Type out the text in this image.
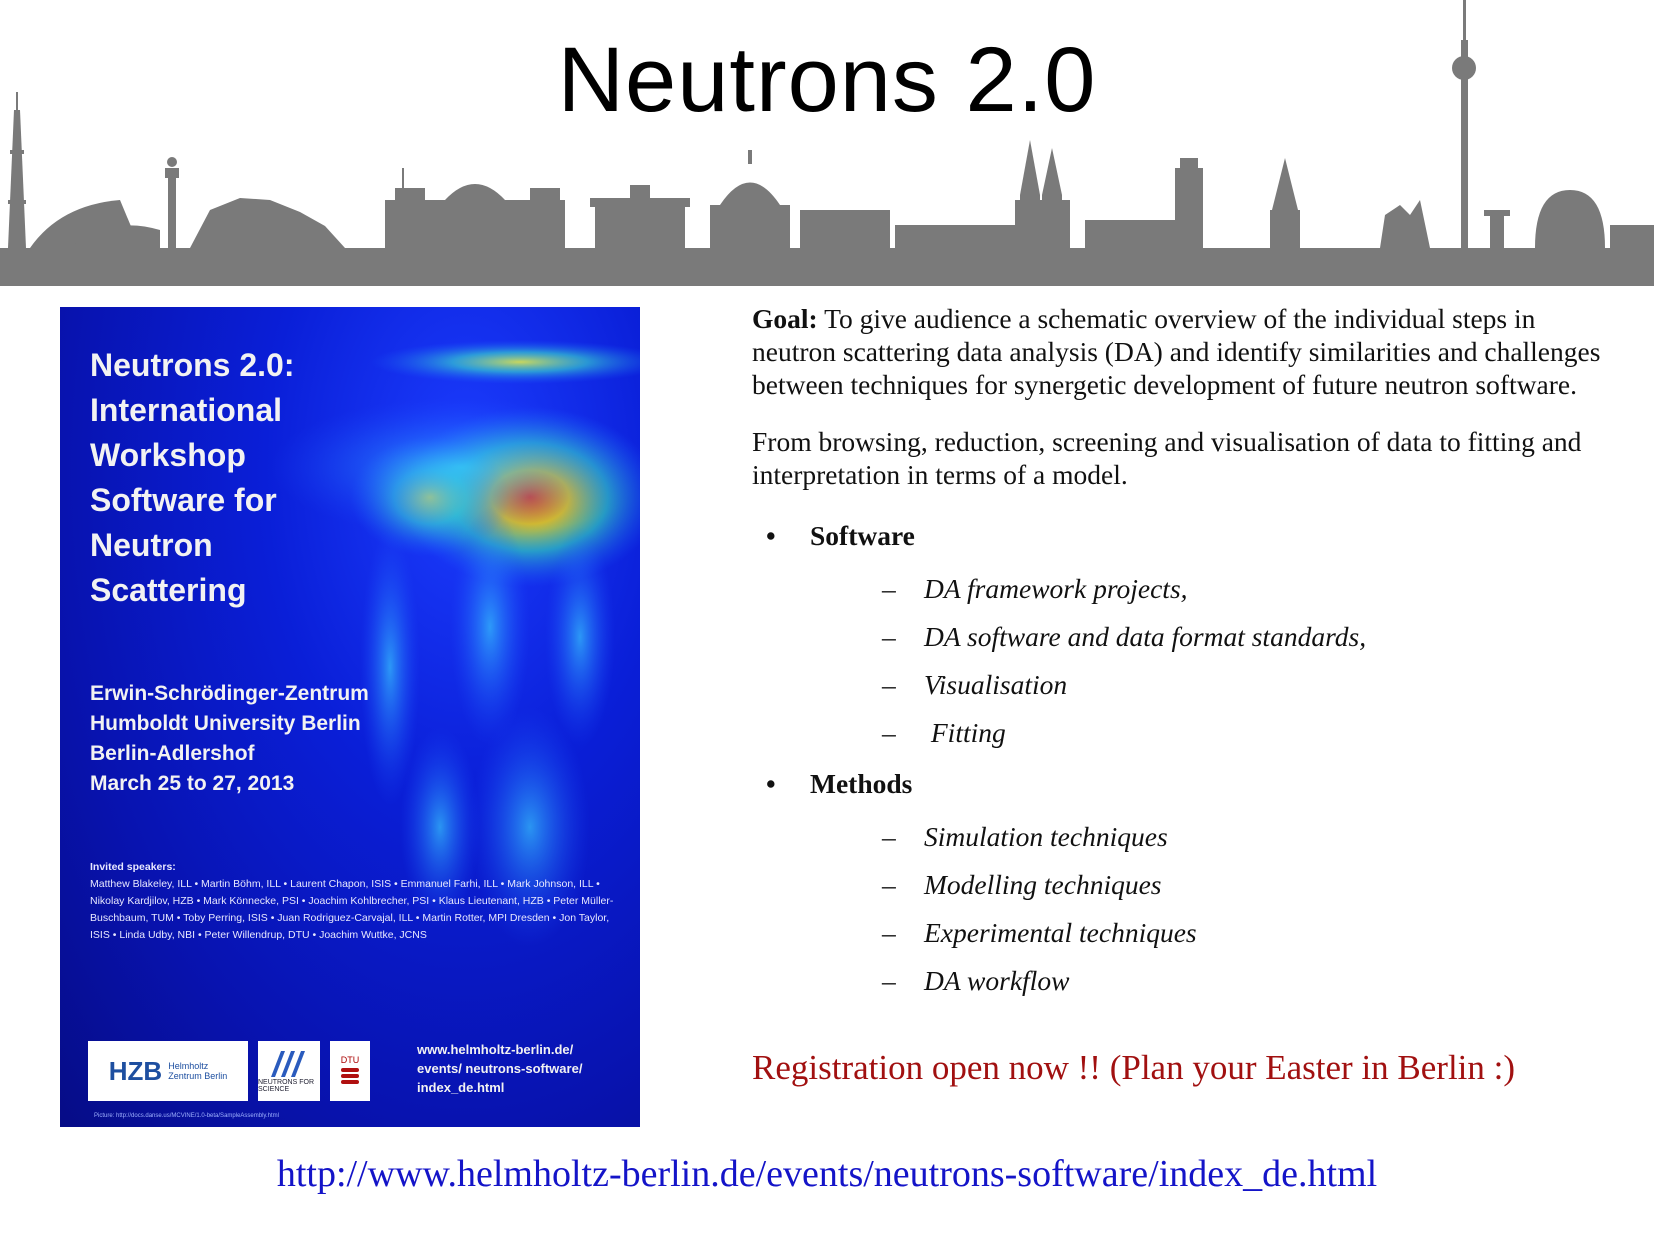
Neutrons 2.0
Neutrons 2.0:
International
Workshop
Software for
Neutron
Scattering
Erwin-Schrödinger-Zentrum
Humboldt University Berlin
Berlin-Adlershof
March 25 to 27, 2013
Invited speakers:
Matthew Blakeley, ILL • Martin Böhm, ILL • Laurent Chapon, ISIS • Emmanuel Farhi, ILL • Mark Johnson, ILL • Nikolay Kardjilov, HZB • Mark Könnecke, PSI • Joachim Kohlbrecher, PSI • Klaus Lieutenant, HZB • Peter Müller-Buschbaum, TUM • Toby Perring, ISIS • Juan Rodriguez-Carvajal, ILL • Martin Rotter, MPI Dresden • Jon Taylor, ISIS • Linda Udby, NBI • Peter Willendrup, DTU • Joachim Wuttke, JCNS
HZB Helmholtz
Zentrum Berlin
NEUTRONS FOR SCIENCE
DTU
www.helmholtz-berlin.de/
events/ neutrons-software/
index_de.html
Picture: http://docs.danse.us/MCVINE/1.0-beta/SampleAssembly.html

Goal: To give audience a schematic overview of the individual steps in neutron scattering data analysis (DA) and identify similarities and challenges between techniques for synergetic development of future neutron software.

From browsing, reduction, screening and visualisation of data to fitting and interpretation in terms of a model.

• Software
– DA framework projects,
– DA software and data format standards,
– Visualisation
– Fitting
• Methods
– Simulation techniques
– Modelling techniques
– Experimental techniques
– DA workflow
Registration open now !! (Plan your Easter in Berlin :)
http://www.helmholtz-berlin.de/events/neutrons-software/index_de.html
